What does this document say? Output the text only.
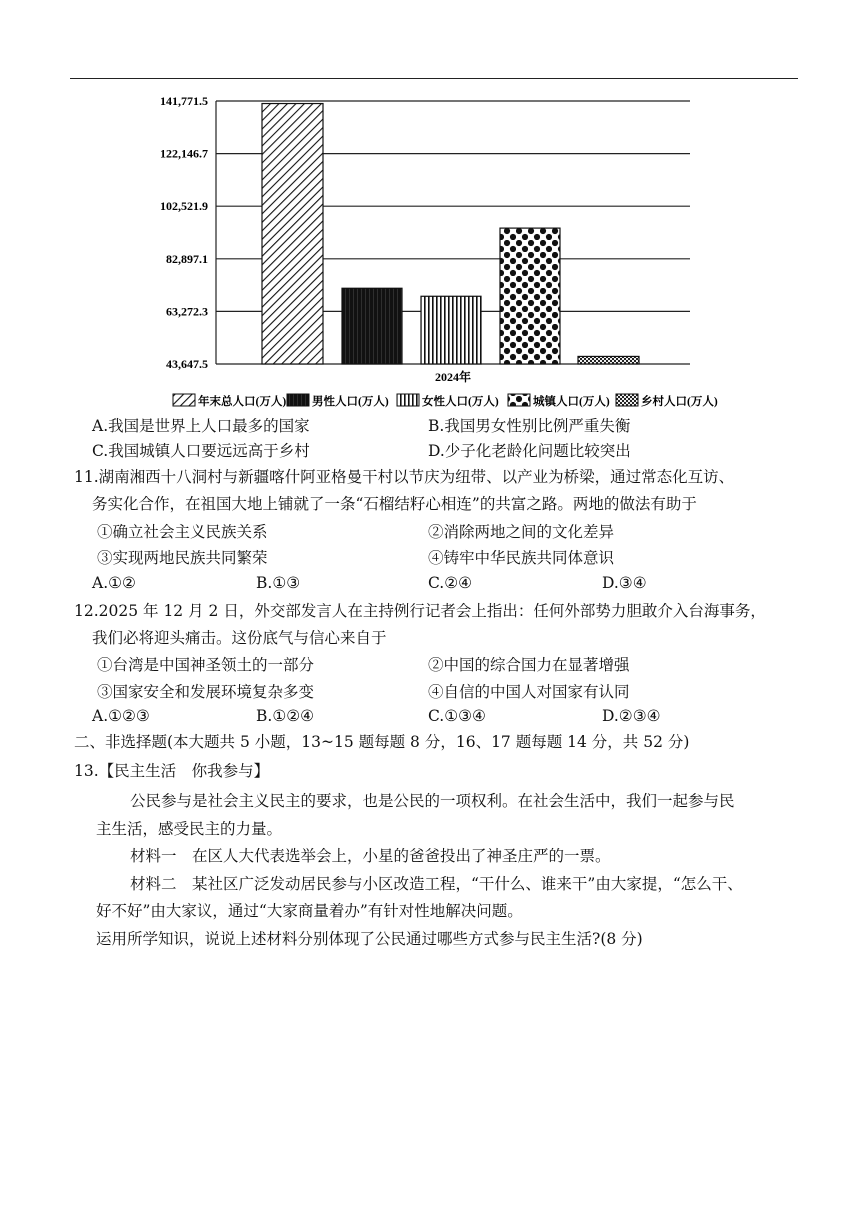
141,771.5
122,146.7
102,521.9
82,897.1
63,272.3
43,647.5
2024年
年末总人口(万人) 男性人口(万人)	女性人口(万人)	城镇人口(万人)	乡村人口(万人)
A.我国是世界上人口最多的国家	B.我国男女性别比例严重失衡
C.我国城镇人口要远远高于乡村	D.少子化老龄化问题比较突出
11.湖南湘西十八洞村与新疆喀什阿亚格曼干村以节庆为纽带、以产业为桥梁，通过常态化互访、
务实化合作，在祖国大地上铺就了一条“石榴结籽心相连”的共富之路。两地的做法有助于
①确立社会主义民族关系	②消除两地之间的文化差异
③实现两地民族共同繁荣	④铸牢中华民族共同体意识
A.①②	B.①③	C.②④	D.③④
12.2025 年 12 月 2 日，外交部发言人在主持例行记者会上指出：任何外部势力胆敢介入台海事务，
我们必将迎头痛击。这份底气与信心来自于
①台湾是中国神圣领土的一部分	②中国的综合国力在显著增强
③国家安全和发展环境复杂多变	④自信的中国人对国家有认同
A.①②③	B.①②④	C.①③④	D.②③④
二、非选择题(本大题共 5 小题，13~15 题每题 8 分，16、17 题每题 14 分，共 52 分)
13.【民主生活　你我参与】
公民参与是社会主义民主的要求，也是公民的一项权利。在社会生活中，我们一起参与民
主生活，感受民主的力量。
材料一　在区人大代表选举会上，小星的爸爸投出了神圣庄严的一票。
材料二　某社区广泛发动居民参与小区改造工程，“干什么、谁来干”由大家提，“怎么干、
好不好”由大家议，通过“大家商量着办”有针对性地解决问题。
运用所学知识，说说上述材料分别体现了公民通过哪些方式参与民主生活?(8 分)
